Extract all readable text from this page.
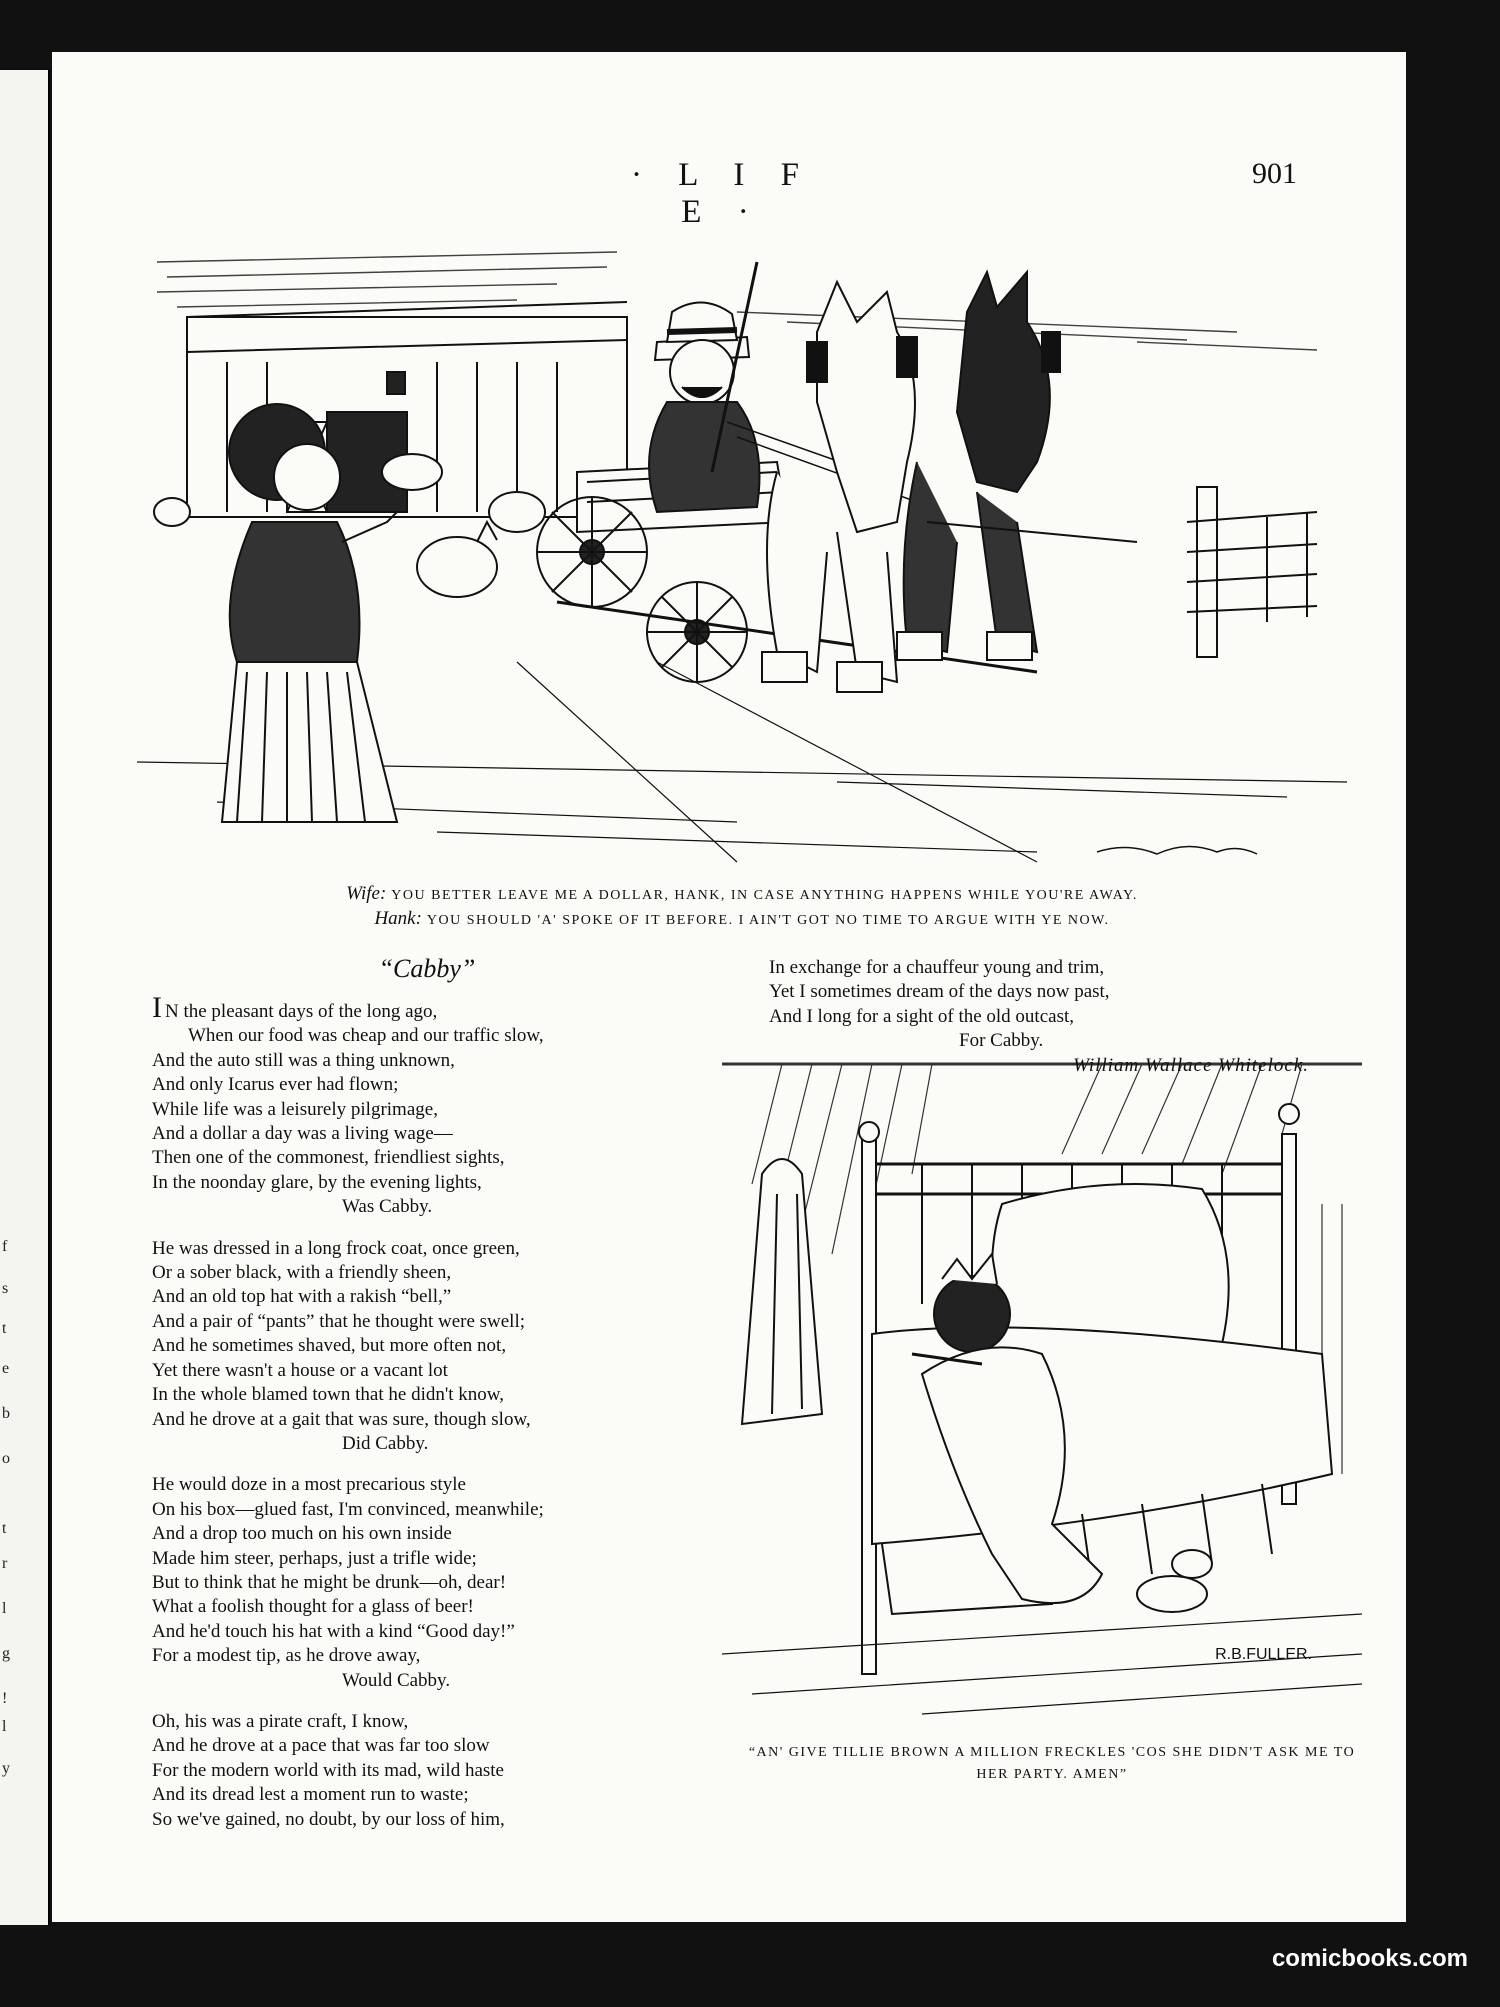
f
s
t
e
b
o
t
r
l
g
!
l
y
· L I F E ·
901
Wife: YOU BETTER LEAVE ME A DOLLAR, HANK, IN CASE ANYTHING HAPPENS WHILE YOU'RE AWAY.
Hank: YOU SHOULD 'A' SPOKE OF IT BEFORE. I AIN'T GOT NO TIME TO ARGUE WITH YE NOW.
“Cabby”
I N the pleasant days of the long ago,
When our food was cheap and our traffic slow,
And the auto still was a thing unknown,
And only Icarus ever had flown;
While life was a leisurely pilgrimage,
And a dollar a day was a living wage—
Then one of the commonest, friendliest sights,
In the noonday glare, by the evening lights,
Was Cabby.
He was dressed in a long frock coat, once green,
Or a sober black, with a friendly sheen,
And an old top hat with a rakish “bell,”
And a pair of “pants” that he thought were swell;
And he sometimes shaved, but more often not,
Yet there wasn't a house or a vacant lot
In the whole blamed town that he didn't know,
And he drove at a gait that was sure, though slow,
Did Cabby.
He would doze in a most precarious style
On his box—glued fast, I'm convinced, meanwhile;
And a drop too much on his own inside
Made him steer, perhaps, just a trifle wide;
But to think that he might be drunk—oh, dear!
What a foolish thought for a glass of beer!
And he'd touch his hat with a kind “Good day!”
For a modest tip, as he drove away,
Would Cabby.
Oh, his was a pirate craft, I know,
And he drove at a pace that was far too slow
For the modern world with its mad, wild haste
And its dread lest a moment run to waste;
So we've gained, no doubt, by our loss of him,
In exchange for a chauffeur young and trim,
Yet I sometimes dream of the days now past,
And I long for a sight of the old outcast,
For Cabby.
William Wallace Whitelock.
R.B.FULLER.
“AN' GIVE TILLIE BROWN A MILLION FRECKLES 'COS SHE DIDN'T ASK ME TO HER PARTY. AMEN”
comicbooks.com
